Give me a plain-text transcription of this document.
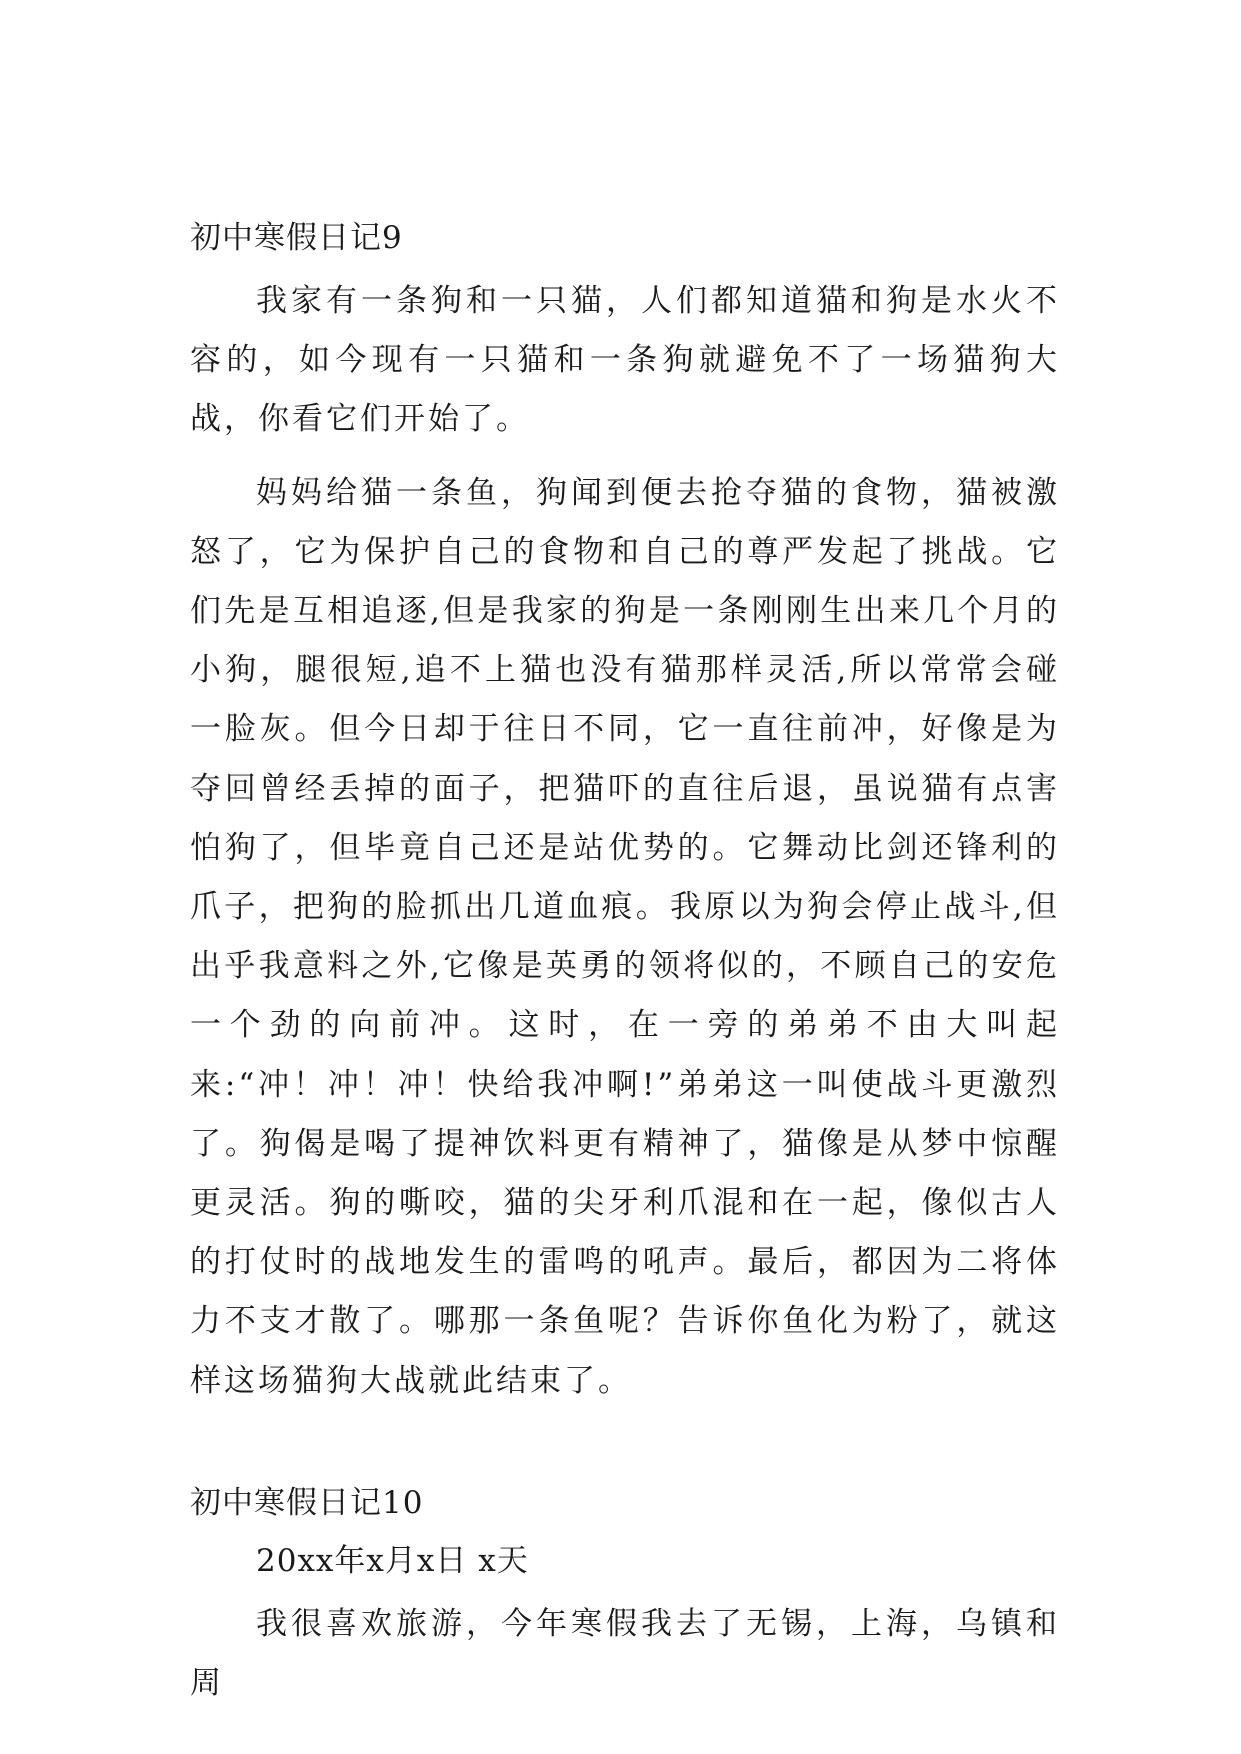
初中寒假日记9

我家有一条狗和一只猫，人们都知道猫和狗是水火不容的，如今现有一只猫和一条狗就避免不了一场猫狗大战，你看它们开始了。

妈妈给猫一条鱼，狗闻到便去抢夺猫的食物，猫被激怒了，它为保护自己的食物和自己的尊严发起了挑战。它们先是互相追逐,但是我家的狗是一条刚刚生出来几个月的小狗，腿很短,追不上猫也没有猫那样灵活,所以常常会碰一脸灰。但今日却于往日不同，它一直往前冲，好像是为夺回曾经丢掉的面子，把猫吓的直往后退，虽说猫有点害怕狗了，但毕竟自己还是站优势的。它舞动比剑还锋利的爪子，把狗的脸抓出几道血痕。我原以为狗会停止战斗,但出乎我意料之外,它像是英勇的领将似的，不顾自己的安危一个劲的向前冲。这时，在一旁的弟弟不由大叫起来:“冲！冲！冲！快给我冲啊!”弟弟这一叫使战斗更激烈了。狗偈是喝了提神饮料更有精神了，猫像是从梦中惊醒更灵活。狗的嘶咬，猫的尖牙利爪混和在一起，像似古人的打仗时的战地发生的雷鸣的吼声。最后，都因为二将体力不支才散了。哪那一条鱼呢？告诉你鱼化为粉了，就这样这场猫狗大战就此结束了。

初中寒假日记10

20xx年x月x日 x天

我很喜欢旅游，今年寒假我去了无锡，上海，乌镇和周
